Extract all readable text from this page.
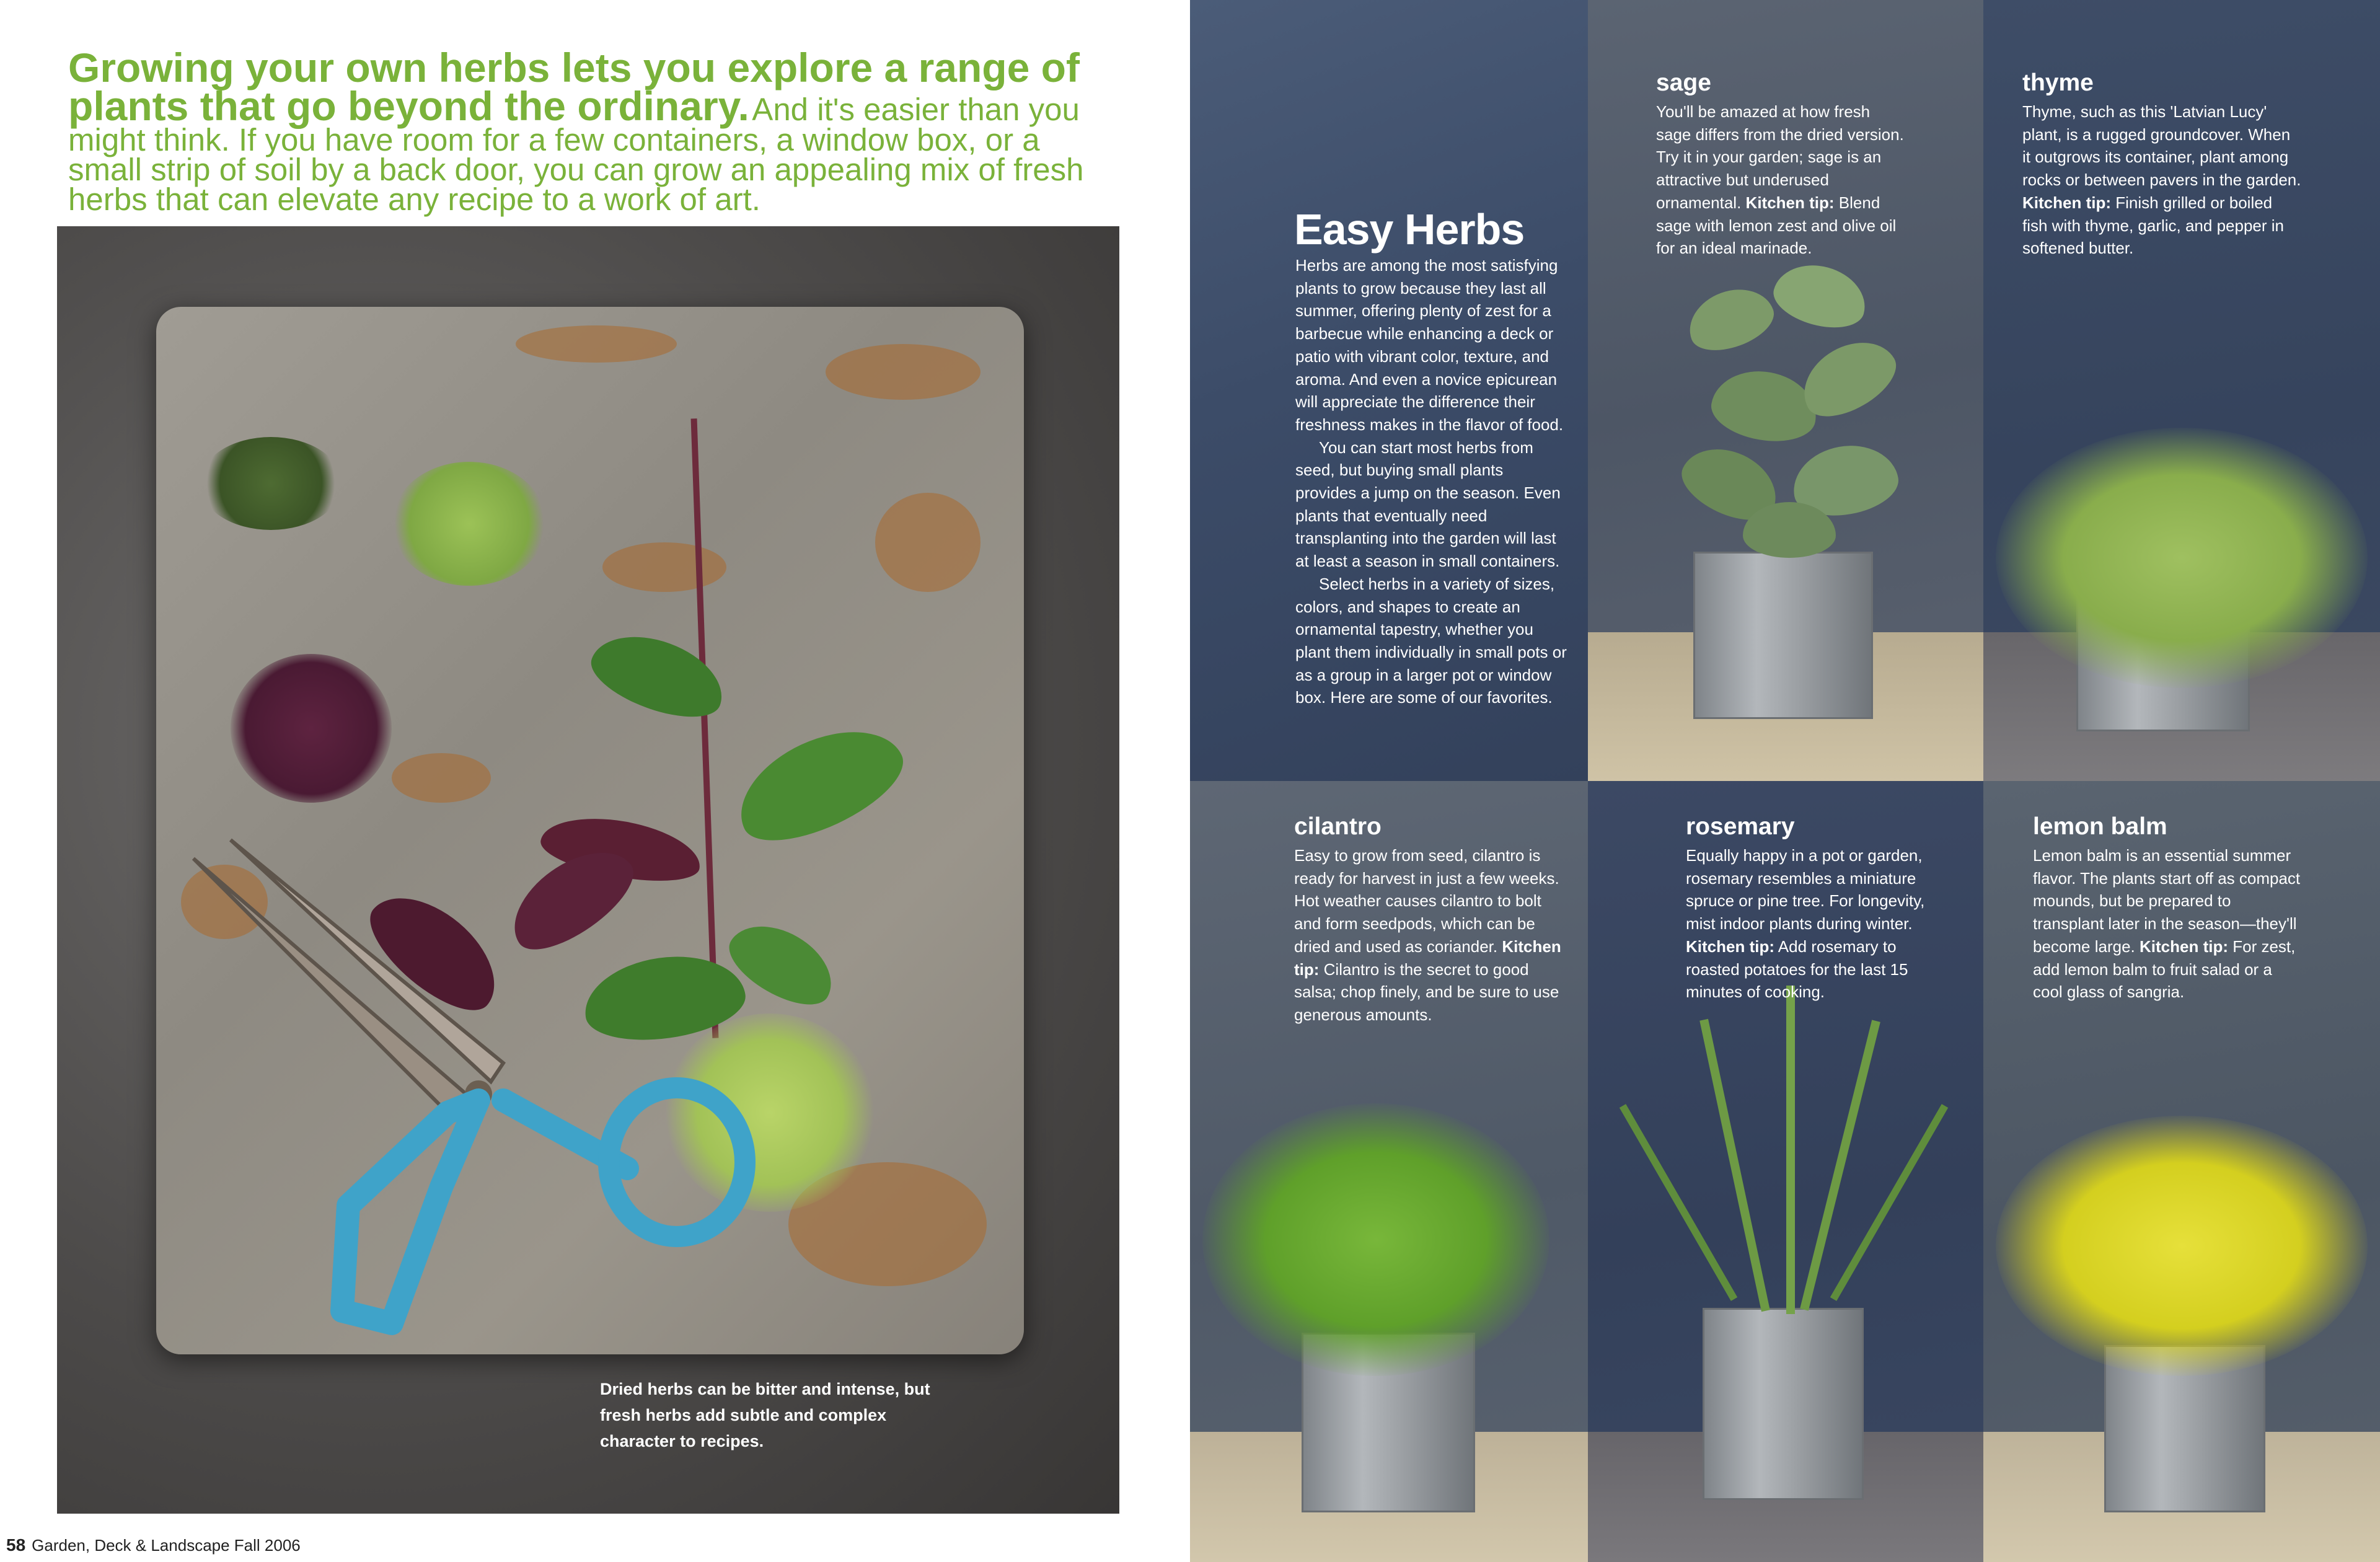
Growing your own herbs lets you explore a range of plants that go beyond the ordinary. And it's easier than you might think. If you have room for a few containers, a window box, or a small strip of soil by a back door, you can grow an appealing mix of fresh herbs that can elevate any recipe to a work of art.
Dried herbs can be bitter and intense, but fresh herbs add subtle and complex character to recipes.
58 Garden, Deck & Landscape Fall 2006
Easy Herbs

Herbs are among the most satisfying plants to grow because they last all summer, offering plenty of zest for a barbecue while enhancing a deck or patio with vibrant color, texture, and aroma. And even a novice epicurean will appreciate the difference their freshness makes in the flavor of food.

You can start most herbs from seed, but buying small plants provides a jump on the season. Even plants that eventually need transplanting into the garden will last at least a season in small containers.

Select herbs in a variety of sizes, colors, and shapes to create an ornamental tapestry, whether you plant them individually in small pots or as a group in a larger pot or window box. Here are some of our favorites.

sage
You'll be amazed at how fresh sage differs from the dried version. Try it in your garden; sage is an attractive but underused ornamental. Kitchen tip: Blend sage with lemon zest and olive oil for an ideal marinade.
thyme
Thyme, such as this 'Latvian Lucy' plant, is a rugged groundcover. When it outgrows its container, plant among rocks or between pavers in the garden. Kitchen tip: Finish grilled or boiled fish with thyme, garlic, and pepper in softened butter.
cilantro
Easy to grow from seed, cilantro is ready for harvest in just a few weeks. Hot weather causes cilantro to bolt and form seedpods, which can be dried and used as coriander. Kitchen tip: Cilantro is the secret to good salsa; chop finely, and be sure to use generous amounts.
rosemary
Equally happy in a pot or garden, rosemary resembles a miniature spruce or pine tree. For longevity, mist indoor plants during winter. Kitchen tip: Add rosemary to roasted potatoes for the last 15 minutes of cooking.
lemon balm
Lemon balm is an essential summer flavor. The plants start off as compact mounds, but be prepared to transplant later in the season—they'll become large. Kitchen tip: For zest, add lemon balm to fruit salad or a cool glass of sangria.
